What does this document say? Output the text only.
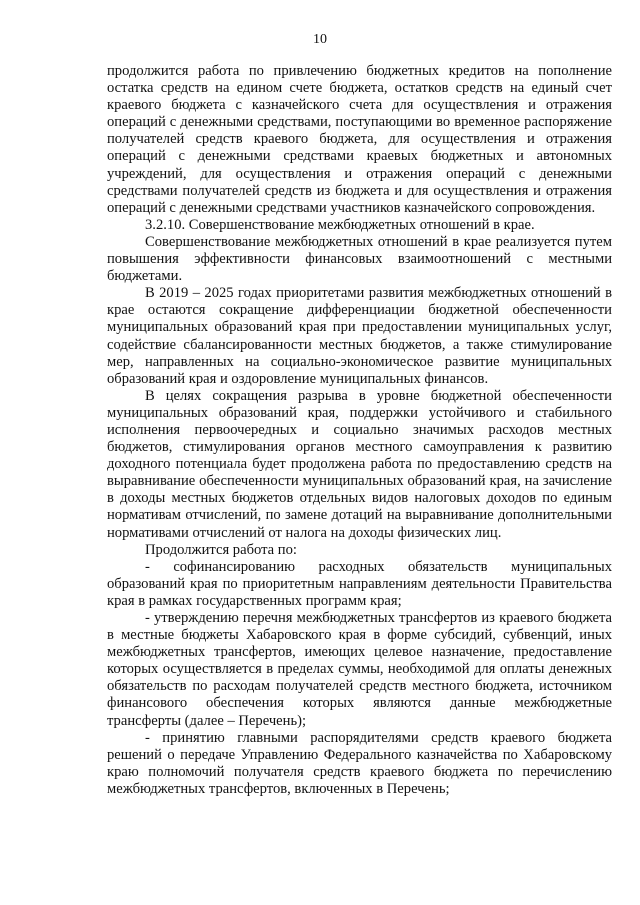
10

продолжится работа по привлечению бюджетных кредитов на пополнение остатка средств на едином счете бюджета, остатков средств на единый счет краевого бюджета с казначейского счета для осуществления и отражения операций с денежными средствами, поступающими во временное распоряжение получателей средств краевого бюджета, для осуществления и отражения операций с денежными средствами краевых бюджетных и автономных учреждений, для осуществления и отражения операций с денежными средствами получателей средств из бюджета и для осуществления и отражения операций с денежными средствами участников казначейского сопровождения.

3.2.10. Совершенствование межбюджетных отношений в крае.

Совершенствование межбюджетных отношений в крае реализуется путем повышения эффективности финансовых взаимоотношений с местными бюджетами.

В 2019 – 2025 годах приоритетами развития межбюджетных отношений в крае остаются сокращение дифференциации бюджетной обеспеченности муниципальных образований края при предоставлении муниципальных услуг, содействие сбалансированности местных бюджетов, а также стимулирование мер, направленных на социально-экономическое развитие муниципальных образований края и оздоровление муниципальных финансов.

В целях сокращения разрыва в уровне бюджетной обеспеченности муниципальных образований края, поддержки устойчивого и стабильного исполнения первоочередных и социально значимых расходов местных бюджетов, стимулирования органов местного самоуправления к развитию доходного потенциала будет продолжена работа по предоставлению средств на выравнивание обеспеченности муниципальных образований края, на зачисление в доходы местных бюджетов отдельных видов налоговых доходов по единым нормативам отчислений, по замене дотаций на выравнивание дополнительными нормативами отчислений от налога на доходы физических лиц.

Продолжится работа по:

- софинансированию расходных обязательств муниципальных образований края по приоритетным направлениям деятельности Правительства края в рамках государственных программ края;

- утверждению перечня межбюджетных трансфертов из краевого бюджета в местные бюджеты Хабаровского края в форме субсидий, субвенций, иных межбюджетных трансфертов, имеющих целевое назначение, предоставление которых осуществляется в пределах суммы, необходимой для оплаты денежных обязательств по расходам получателей средств местного бюджета, источником финансового обеспечения которых являются данные межбюджетные трансферты (далее – Перечень);

- принятию главными распорядителями средств краевого бюджета решений о передаче Управлению Федерального казначейства по Хабаровскому краю полномочий получателя средств краевого бюджета по перечислению межбюджетных трансфертов, включенных в Перечень;
